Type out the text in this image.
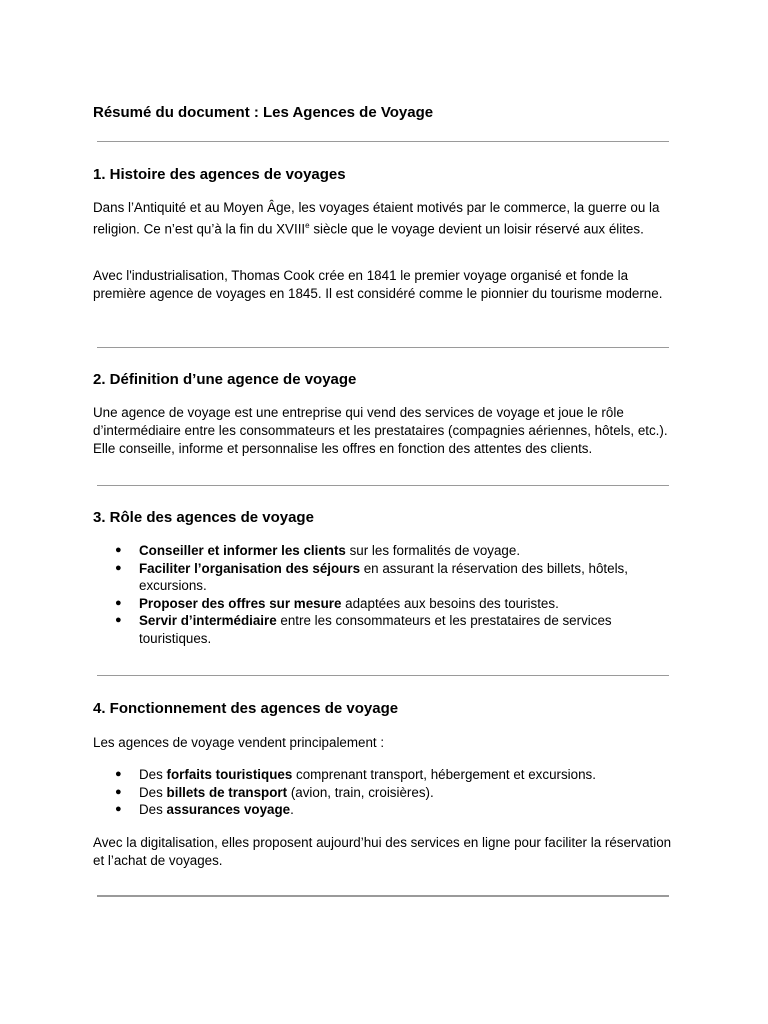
Résumé du document : Les Agences de Voyage
1. Histoire des agences de voyages

Dans l’Antiquité et au Moyen Âge, les voyages étaient motivés par le commerce, la guerre ou la religion. Ce n’est qu’à la fin du XVIIIe siècle que le voyage devient un loisir réservé aux élites.

Avec l'industrialisation, Thomas Cook crée en 1841 le premier voyage organisé et fonde la première agence de voyages en 1845. Il est considéré comme le pionnier du tourisme moderne.

2. Définition d’une agence de voyage

Une agence de voyage est une entreprise qui vend des services de voyage et joue le rôle d’intermédiaire entre les consommateurs et les prestataires (compagnies aériennes, hôtels, etc.). Elle conseille, informe et personnalise les offres en fonction des attentes des clients.

3. Rôle des agences de voyage
● Conseiller et informer les clients sur les formalités de voyage.
● Faciliter l’organisation des séjours en assurant la réservation des billets, hôtels, excursions.
● Proposer des offres sur mesure adaptées aux besoins des touristes.
● Servir d’intermédiaire entre les consommateurs et les prestataires de services touristiques.
4. Fonctionnement des agences de voyage

Les agences de voyage vendent principalement :

● Des forfaits touristiques comprenant transport, hébergement et excursions.
● Des billets de transport (avion, train, croisières).
● Des assurances voyage.

Avec la digitalisation, elles proposent aujourd’hui des services en ligne pour faciliter la réservation et l’achat de voyages.
